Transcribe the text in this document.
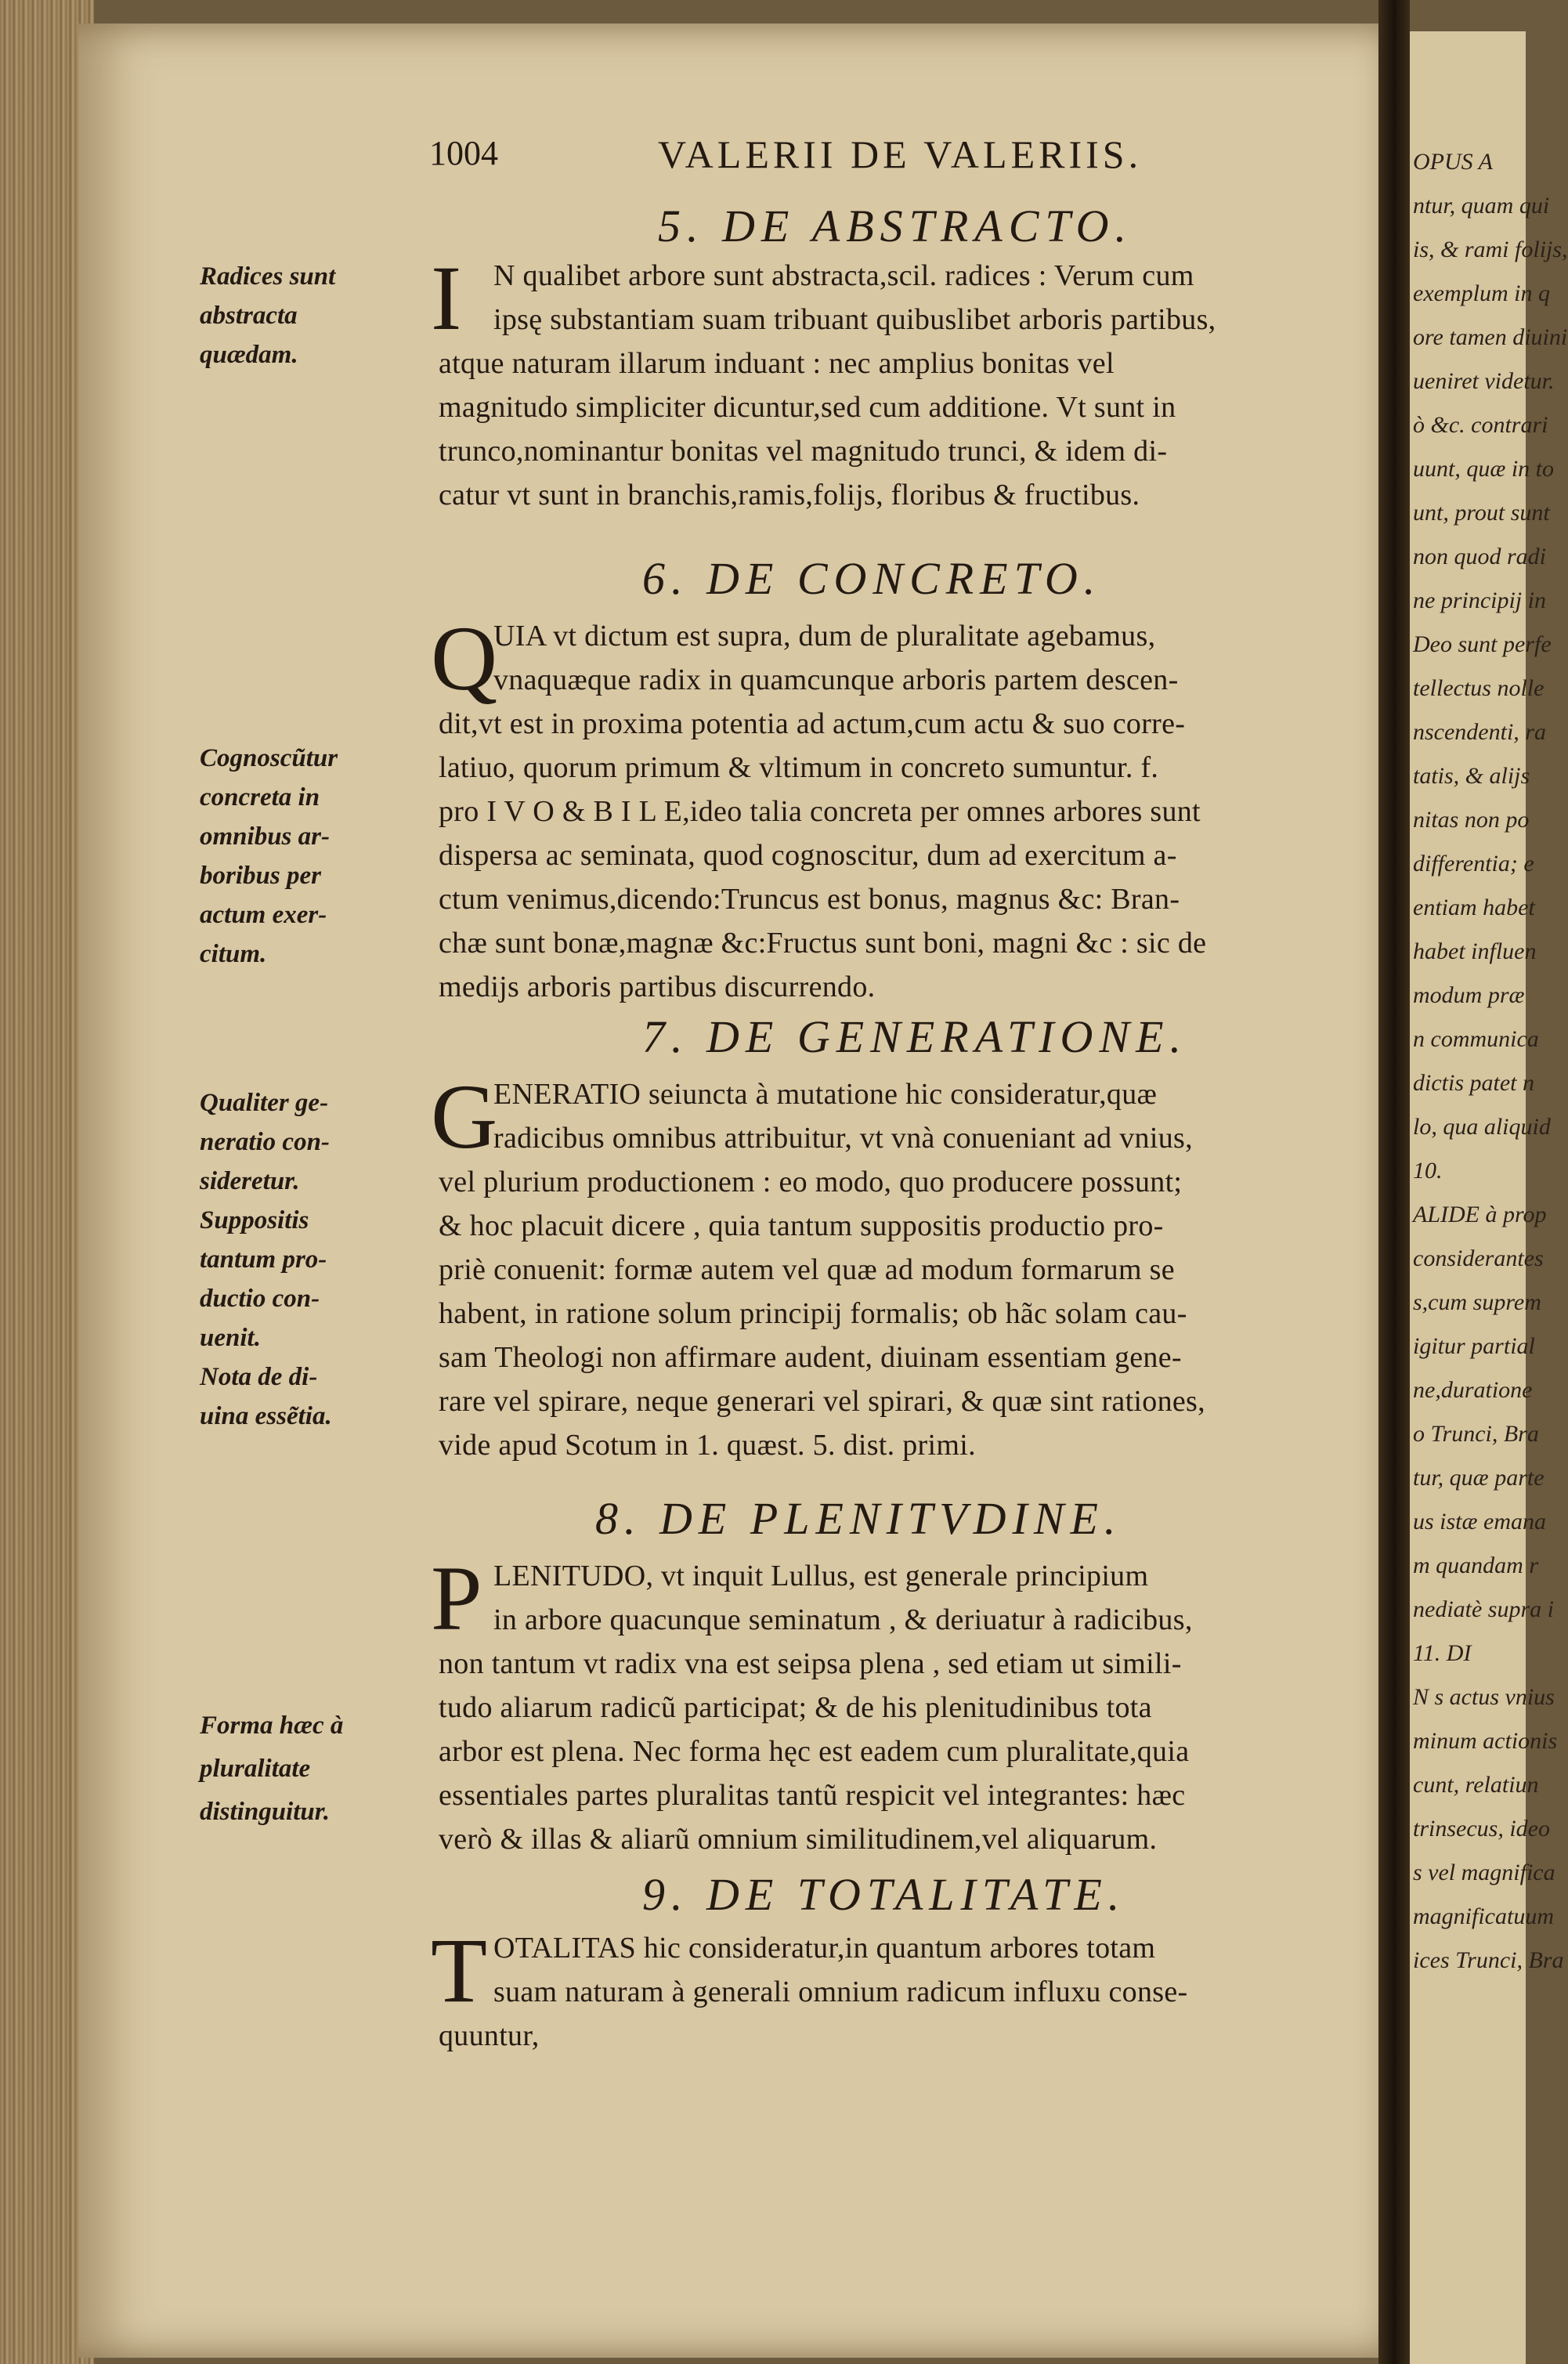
OPUS A
ntur, quam qui
is, & rami folijs,
exemplum in q
ore tamen diuini
ueniret videtur.
ò &c. contrari
uunt, quæ in to
unt, prout sunt
non quod radi
ne principij in
Deo sunt perfe
tellectus nolle
nscendenti, ra
tatis, & alijs
nitas non po
differentia; e
entiam habet
habet influen
modum præ
n communica
dictis patet n
lo, qua aliquid
10.
ALIDE à prop
considerantes
s,cum suprem
igitur partial
ne,duratione
o Trunci, Bra
tur, quæ parte
us istæ emana
m quandam r
nediatè supra i
11. DI
N s actus vnius
minum actionis
cunt, relatiun
trinsecus, ideo
s vel magnifica
magnificatuum
ices Trunci, Bra
1004	VALERII DE VALERIIS.
5. DE ABSTRACTO.
I N qualibet arbore sunt abstracta,scil. radices : Verum cum
ipsę substantiam suam tribuant quibuslibet arboris partibus,
atque naturam illarum induant : nec amplius bonitas vel
magnitudo simpliciter dicuntur,sed cum additione. Vt sunt in
trunco,nominantur bonitas vel magnitudo trunci, & idem di-
catur vt sunt in branchis,ramis,folijs, floribus & fructibus.
Radices sunt
abstracta
quædam.
6. DE CONCRETO.
Q
UIA vt dictum est supra, dum de pluralitate agebamus,
vnaquæque radix in quamcunque arboris partem descen-
dit,vt est in proxima potentia ad actum,cum actu & suo corre-
latiuo, quorum primum & vltimum in concreto sumuntur. f.
pro I V O & B I L E,ideo talia concreta per omnes arbores sunt
dispersa ac seminata, quod cognoscitur, dum ad exercitum a-
ctum venimus,dicendo:Truncus est bonus, magnus &c: Bran-
chæ sunt bonæ,magnæ &c:Fructus sunt boni, magni &c : sic de
medijs arboris partibus discurrendo.
Cognoscũtur
concreta in
omnibus ar-
boribus per
actum exer-
citum.
7. DE GENERATIONE.
G
ENERATIO seiuncta à mutatione hic consideratur,quæ
radicibus omnibus attribuitur, vt vnà conueniant ad vnius,
vel plurium productionem : eo modo, quo producere possunt;
& hoc placuit dicere , quia tantum suppositis productio pro-
priè conuenit: formæ autem vel quæ ad modum formarum se
habent, in ratione solum principij formalis; ob hãc solam cau-
sam Theologi non affirmare audent, diuinam essentiam gene-
rare vel spirare, neque generari vel spirari, & quæ sint rationes,
vide apud Scotum in 1. quæst. 5. dist. primi.
Qualiter ge-
neratio con-
sideretur.
Suppositis
tantum pro-
ductio con-
uenit.
Nota de di-
uina essẽtia.
8. DE PLENITVDINE.
P LENITUDO, vt inquit Lullus, est generale principium
in arbore quacunque seminatum , & deriuatur à radicibus,
non tantum vt radix vna est seipsa plena , sed etiam ut simili-
tudo aliarum radicũ participat; & de his plenitudinibus tota
arbor est plena. Nec forma hęc est eadem cum pluralitate,quia
essentiales partes pluralitas tantũ respicit vel integrantes: hæc
verò & illas & aliarũ omnium similitudinem,vel aliquarum.
Forma hæc à
pluralitate
distinguitur.
9. DE TOTALITATE.
T OTALITAS hic consideratur,in quantum arbores totam
suam naturam à generali omnium radicum influxu conse-
quuntur,
